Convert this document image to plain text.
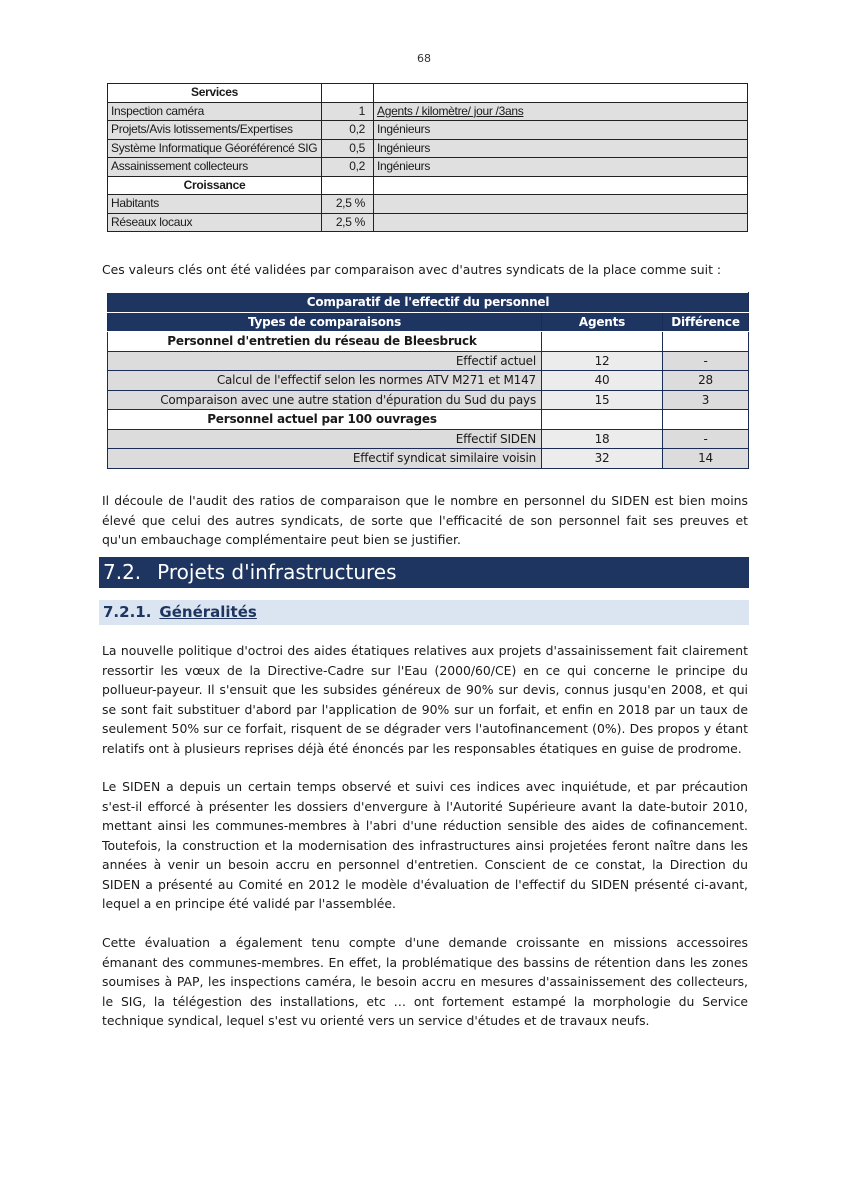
68
Services		
Inspection caméra	1	Agents / kilomètre/ jour /3ans
Projets/Avis lotissements/Expertises	0,2	Ingénieurs
Système Informatique Géoréférencé SIG	0,5	Ingénieurs
Assainissement collecteurs	0,2	Ingénieurs
Croissance		
Habitants	2,5 %	
Réseaux locaux	2,5 %	

Ces valeurs clés ont été validées par comparaison avec d'autres syndicats de la place comme suit :

Comparatif de l'effectif du personnel		
Types de comparaisons	Agents	Différence
Personnel d'entretien du réseau de Bleesbruck		
Effectif actuel	12	-
Calcul de l'effectif selon les normes ATV M271 et M147	40	28
Comparaison avec une autre station d'épuration du Sud du pays	15	3
Personnel actuel par 100 ouvrages		
Effectif SIDEN	18	-
Effectif syndicat similaire voisin	32	14

Il découle de l'audit des ratios de comparaison que le nombre en personnel du SIDEN est bien moins élevé que celui des autres syndicats, de sorte que l'efficacité de son personnel fait ses preuves et qu'un embauchage complémentaire peut bien se justifier.

7.2. Projets d'infrastructures
7.2.1. Généralités

La nouvelle politique d'octroi des aides étatiques relatives aux projets d'assainissement fait clairement ressortir les vœux de la Directive-Cadre sur l'Eau (2000/60/CE) en ce qui concerne le principe du pollueur-payeur. Il s'ensuit que les subsides généreux de 90% sur devis, connus jusqu'en 2008, et qui se sont fait substituer d'abord par l'application de 90% sur un forfait, et enfin en 2018 par un taux de seulement 50% sur ce forfait, risquent de se dégrader vers l'autofinancement (0%). Des propos y étant relatifs ont à plusieurs reprises déjà été énoncés par les responsables étatiques en guise de prodrome.

Le SIDEN a depuis un certain temps observé et suivi ces indices avec inquiétude, et par précaution s'est-il efforcé à présenter les dossiers d'envergure à l'Autorité Supérieure avant la date-butoir 2010, mettant ainsi les communes-membres à l'abri d'une réduction sensible des aides de cofinancement. Toutefois, la construction et la modernisation des infrastructures ainsi projetées feront naître dans les années à venir un besoin accru en personnel d'entretien. Conscient de ce constat, la Direction du SIDEN a présenté au Comité en 2012 le modèle d'évaluation de l'effectif du SIDEN présenté ci-avant, lequel a en principe été validé par l'assemblée.

Cette évaluation a également tenu compte d'une demande croissante en missions accessoires émanant des communes-membres. En effet, la problématique des bassins de rétention dans les zones soumises à PAP, les inspections caméra, le besoin accru en mesures d'assainissement des collecteurs, le SIG, la télégestion des installations, etc … ont fortement estampé la morphologie du Service technique syndical, lequel s'est vu orienté vers un service d'études et de travaux neufs.
